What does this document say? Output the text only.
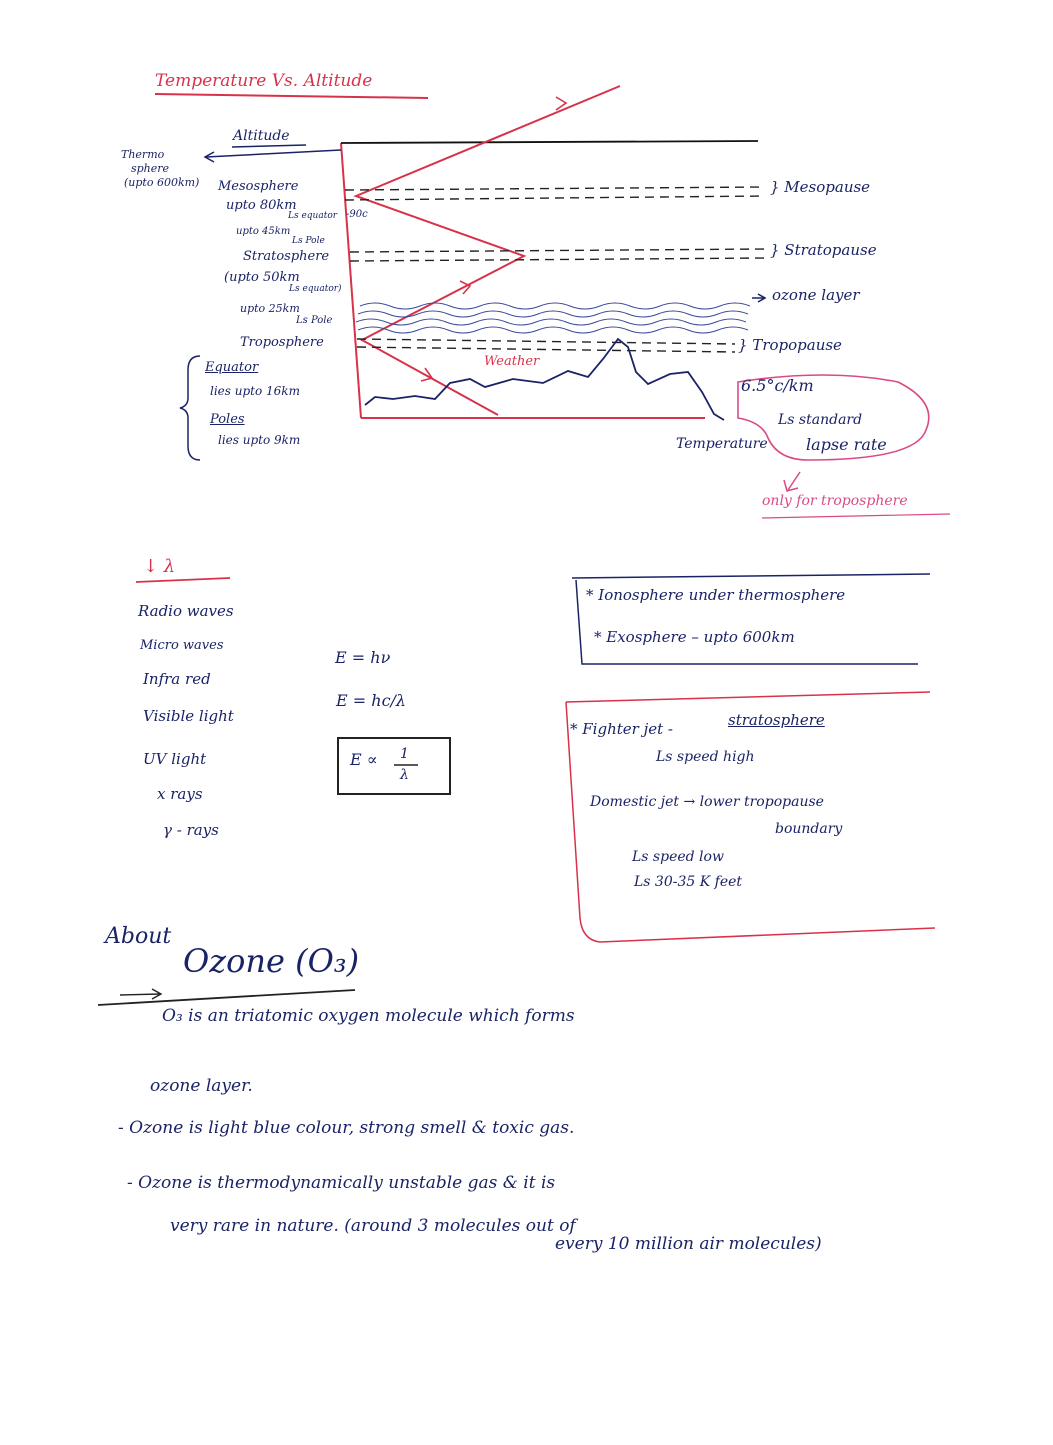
Temperature Vs. Altitude
Altitude
Thermo
sphere
(upto 600km) Mesosphere
upto 80km
Ls equator -90c
upto 45km
Ls Pole
Stratosphere
(upto 50km
Ls equator)
upto 25km
Ls Pole
Troposphere
Equator
lies upto 16km
Poles
lies upto 9km
} Mesopause
} Stratopause
ozone layer
} Tropopause
Weather
6.5°c/km
Ls standard
lapse rate
Temperature
only for troposphere
↓ λ
Radio waves
Micro waves
Infra red
Visible light
UV light
x rays
γ - rays
E = hν
E = hc/λ
E ∝ 1
λ
* Ionosphere under thermosphere
* Exosphere – upto 600km
* Fighter jet -	stratosphere
Ls speed high
Domestic jet → lower tropopause
boundary
Ls speed low
Ls 30-35 K feet
About
Ozone (O₃)
O₃ is an triatomic oxygen molecule which forms
ozone layer.
- Ozone is light blue colour, strong smell & toxic gas.
- Ozone is thermodynamically unstable gas & it is
very rare in nature. (around 3 molecules out of
every 10 million air molecules)
